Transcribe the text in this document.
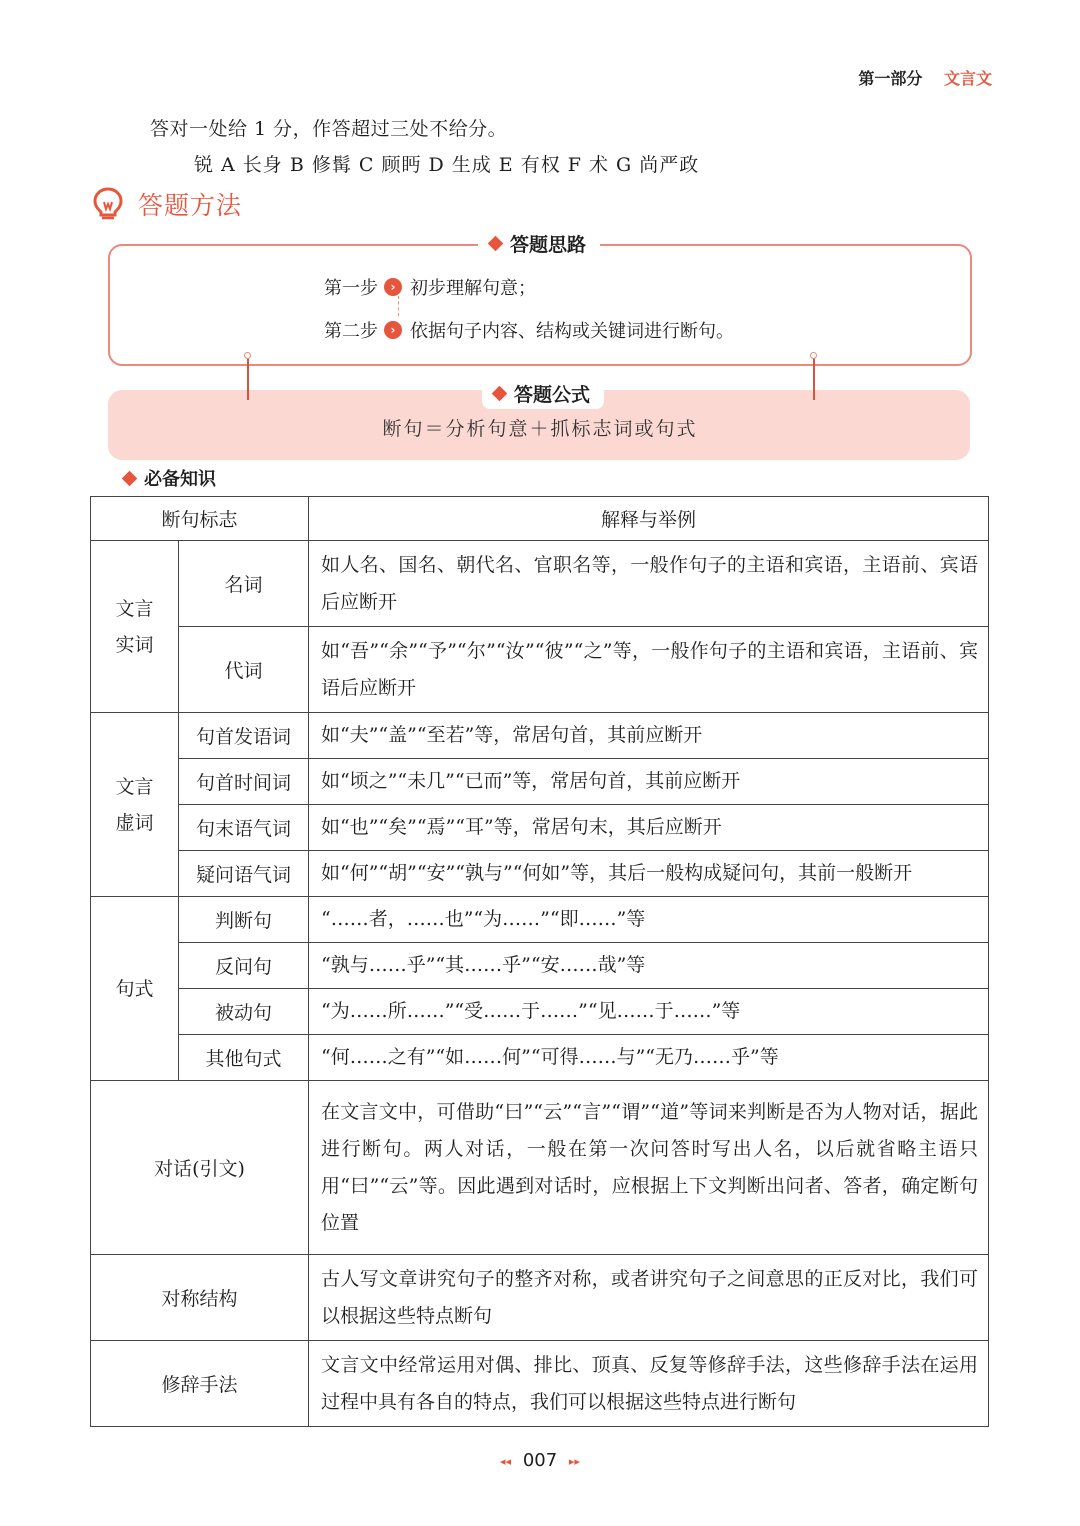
第一部分 文言文
答对一处给 1 分，作答超过三处不给分。
锐 A 长身 B 修髯 C 顾眄 D 生成 E 有权 F 术 G 尚严政
答题方法
答题思路
第一步	› 初步理解句意；
第二步	› 依据句子内容、结构或关键词进行断句。
答题公式
断句＝分析句意＋抓标志词或句式
必备知识
断句标志		解释与举例
文言实词	名词	如人名、国名、朝代名、官职名等，一般作句子的主语和宾语，主语前、宾语后应断开
	代词	如“吾”“余”“予”“尔”“汝”“彼”“之”等，一般作句子的主语和宾语，主语前、宾语后应断开
文言虚词	句首发语词	如“夫”“盖”“至若”等，常居句首，其前应断开
	句首时间词	如“顷之”“未几”“已而”等，常居句首，其前应断开
	句末语气词	如“也”“矣”“焉”“耳”等，常居句末，其后应断开
	疑问语气词	如“何”“胡”“安”“孰与”“何如”等，其后一般构成疑问句，其前一般断开
句式	判断句	“……者，……也”“为……”“即……”等
	反问句	“孰与……乎”“其……乎”“安……哉”等
	被动句	“为……所……”“受……于……”“见……于……”等
	其他句式	“何……之有”“如……何”“可得……与”“无乃……乎”等
对话(引文)		在文言文中，可借助“曰”“云”“言”“谓”“道”等词来判断是否为人物对话，据此进行断句。两人对话，一般在第一次问答时写出人名，以后就省略主语只用“曰”“云”等。因此遇到对话时，应根据上下文判断出问者、答者，确定断句位置
对称结构		古人写文章讲究句子的整齐对称，或者讲究句子之间意思的正反对比，我们可以根据这些特点断句
修辞手法		文言文中经常运用对偶、排比、顶真、反复等修辞手法，这些修辞手法在运用过程中具有各自的特点，我们可以根据这些特点进行断句
◂◂ 007 ▸▸
